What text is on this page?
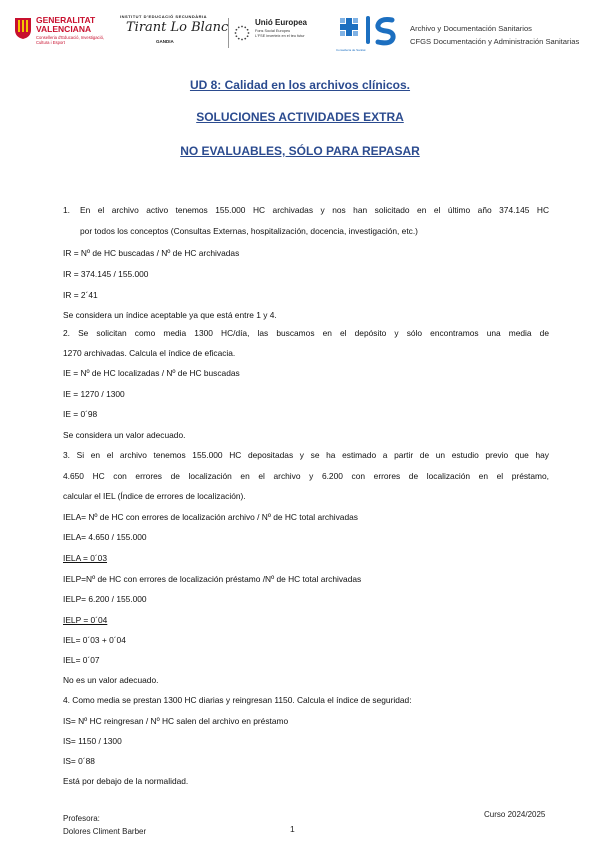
GENERALITAT VALENCIANA
Conselleria d'Educació, Investigació, Cultura i Esport
INSTITUT D'EDUCACIÓ SECUNDÀRIA
Tirant Lo Blanc
GANDIA
Unió Europea
Fons Social Europeu
L'FSE inverteix en el teu futur
Consellería de Sanitat
Archivo y Documentación Sanitarios
CFGS Documentación y Administración Sanitarias
UD 8: Calidad en los archivos clínicos.
SOLUCIONES ACTIVIDADES EXTRA
NO EVALUABLES, SÓLO PARA REPASAR
1. En el archivo activo tenemos 155.000 HC archivadas y nos han solicitado en el último año 374.145 HC
por todos los conceptos (Consultas Externas, hospitalización, docencia, investigación, etc.)
IR = Nº de HC buscadas / Nº de HC archivadas
IR = 374.145 / 155.000
IR = 2´41
Se considera un índice aceptable ya que está entre 1 y 4.
2. Se solicitan como media 1300 HC/día, las buscamos en el depósito y sólo encontramos una media de
1270 archivadas. Calcula el índice de eficacia.
IE = Nº de HC localizadas / Nº de HC buscadas
IE = 1270 / 1300
IE = 0´98
Se considera un valor adecuado.
3. Si en el archivo tenemos 155.000 HC depositadas y se ha estimado a partir de un estudio previo que hay
4.650 HC con errores de localización en el archivo y 6.200 con errores de localización en el préstamo,
calcular el IEL (Índice de errores de localización).
IELA= Nº de HC con errores de localización archivo / Nº de HC total archivadas
IELA= 4.650 / 155.000
IELA = 0´03
IELP=Nº de HC con errores de localización préstamo /Nº de HC total archivadas
IELP= 6.200 / 155.000
IELP = 0´04
IEL= 0´03 + 0´04
IEL= 0´07
No es un valor adecuado.
4. Como media se prestan 1300 HC diarias y reingresan 1150. Calcula el índice de seguridad:
IS= Nº HC reingresan / Nº HC salen del archivo en préstamo
IS= 1150 / 1300
IS= 0´88
Está por debajo de la normalidad.
Profesora:
Dolores Climent Barber	1
Curso 2024/2025
